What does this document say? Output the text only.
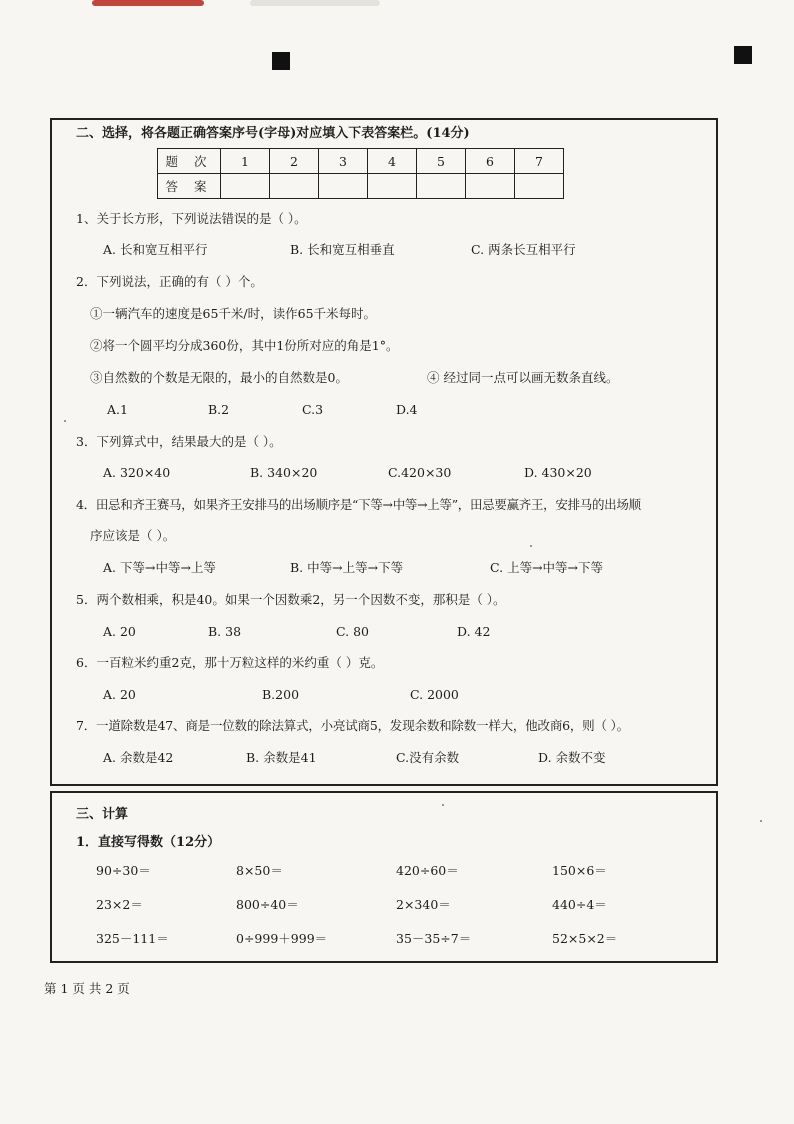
二、选择，将各题正确答案序号(字母)对应填入下表答案栏。(14分)
题 次	1	2	3	4	5	6	7
答 案							
1、关于长方形，下列说法错误的是（ ）。
A. 长和宽互相平行	B. 长和宽互相垂直	C. 两条长互相平行
2．下列说法，正确的有（ ）个。
①一辆汽车的速度是65千米/时，读作65千米每时。
②将一个圆平均分成360份，其中1份所对应的角是1°。
③自然数的个数是无限的，最小的自然数是0。	④ 经过同一点可以画无数条直线。
A.1	B.2	C.3	D.4
3．下列算式中，结果最大的是（ ）。
A. 320×40	B. 340×20	C.420×30	D. 430×20
4．田忌和齐王赛马，如果齐王安排马的出场顺序是“下等→中等→上等”，田忌要赢齐王，安排马的出场顺
序应该是（ ）。
A. 下等→中等→上等	B. 中等→上等→下等	C. 上等→中等→下等
5．两个数相乘，积是40。如果一个因数乘2，另一个因数不变，那积是（ ）。
A. 20	B. 38	C. 80	D. 42
6．一百粒米约重2克，那十万粒这样的米约重（ ）克。
A. 20	B.200	C. 2000
7．一道除数是47、商是一位数的除法算式，小亮试商5，发现余数和除数一样大，他改商6，则（ ）。
A. 余数是42	B. 余数是41	C.没有余数	D. 余数不变
三、计算
1．直接写得数（12分）
90÷30＝	8×50＝	420÷60＝	150×6＝
23×2＝	800÷40＝	2×340＝	440÷4＝
325－111＝	0÷999＋999＝	35－35÷7＝	52×5×2＝
第 1 页 共 2 页
